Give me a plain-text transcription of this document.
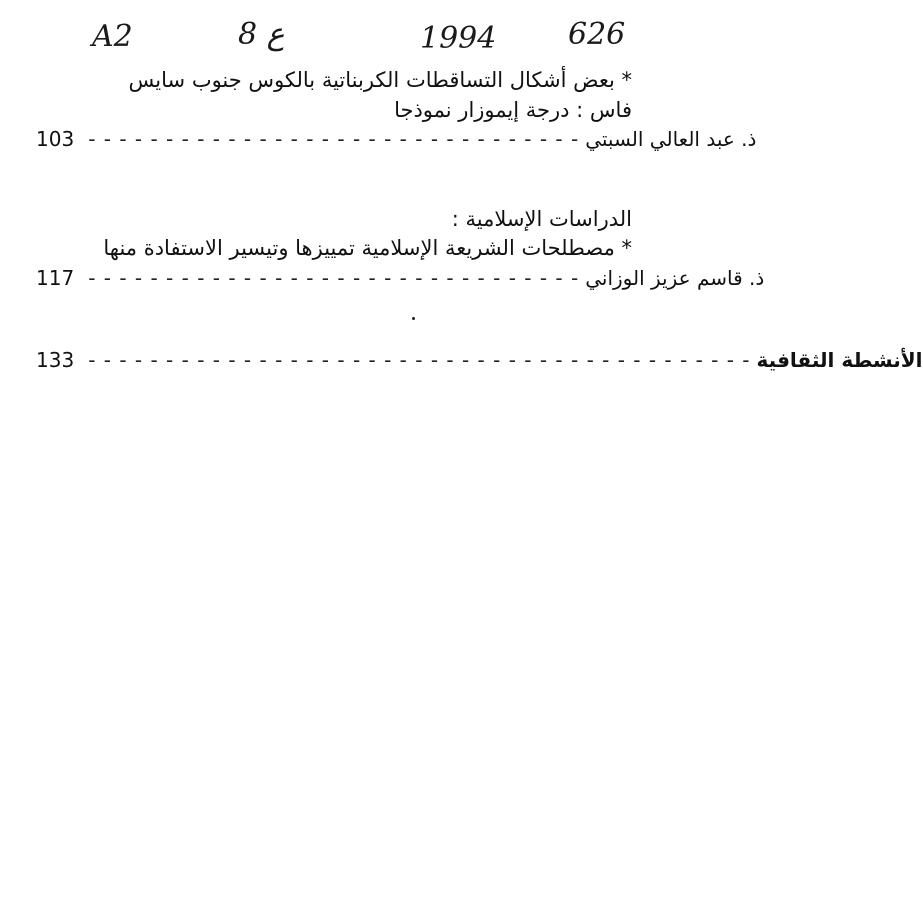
A2	8 ع	1994 626
* بعض أشكال التساقطات الكربناتية بالكوس جنوب سايس
فاس : درجة إيموزار نموذجا
103 - - - - - - - - - - - - - - - - - - - - - - - - - - - - - - - - ذ. عبد العالي السبتي
الدراسات الإسلامية :
* مصطلحات الشريعة الإسلامية تمييزها وتيسير الاستفادة منها
117 - - - - - - - - - - - - - - - - - - - - - - - - - - - - - - - - ذ. قاسم عزيز الوزاني
133 - - - - - - - - - - - - - - - - - - - - - - - - - - - - - - - - - - - - - - - - - - - الأنشطة الثقافية
